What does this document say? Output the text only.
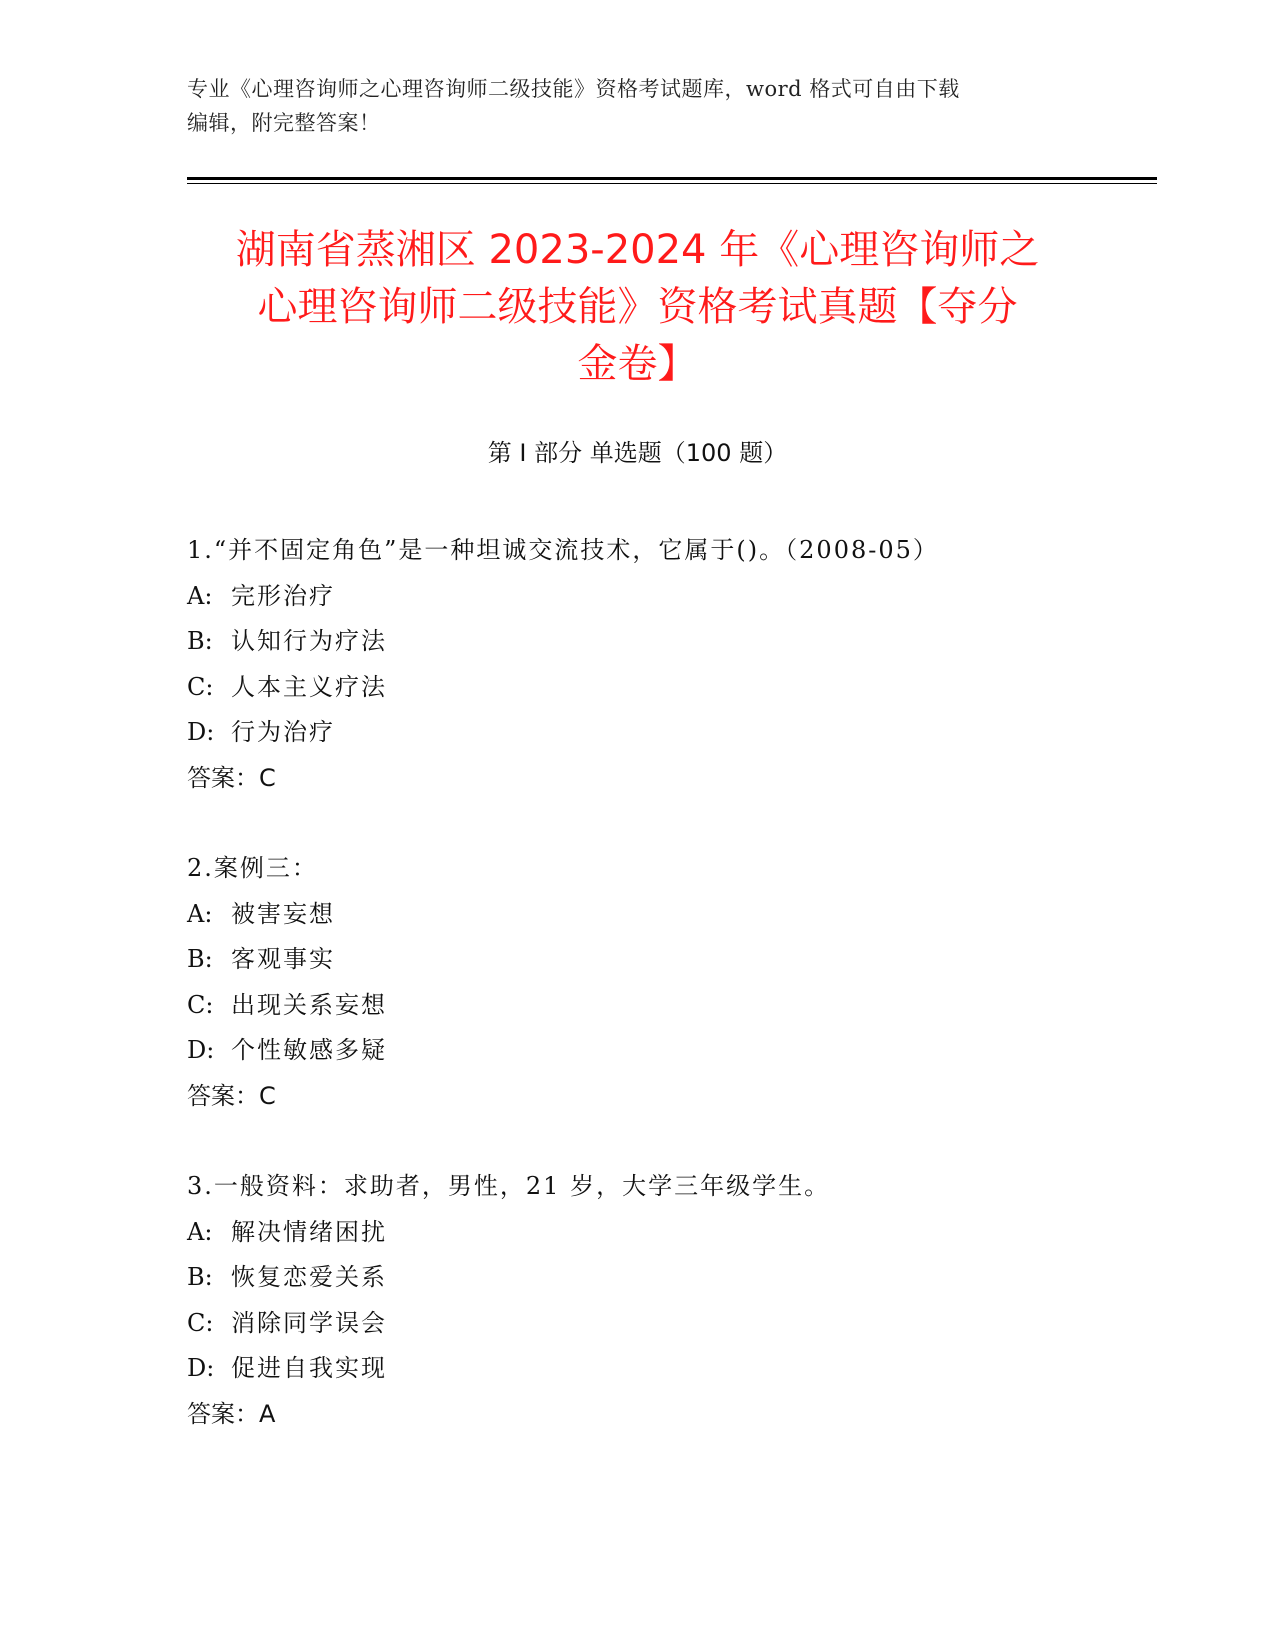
专业《心理咨询师之心理咨询师二级技能》资格考试题库，word 格式可自由下载
编辑，附完整答案！
湖南省蒸湘区 2023-2024 年《心理咨询师之
心理咨询师二级技能》资格考试真题【夺分
金卷】
第 I 部分 单选题（100 题）
1.“并不固定角色”是一种坦诚交流技术，它属于()。（2008-05）
A: 完形治疗
B: 认知行为疗法
C: 人本主义疗法
D: 行为治疗
答案：C
2.案例三：
A: 被害妄想
B: 客观事实
C: 出现关系妄想
D: 个性敏感多疑
答案：C
3.一般资料：求助者，男性，21 岁，大学三年级学生。
A: 解决情绪困扰
B: 恢复恋爱关系
C: 消除同学误会
D: 促进自我实现
答案：A
